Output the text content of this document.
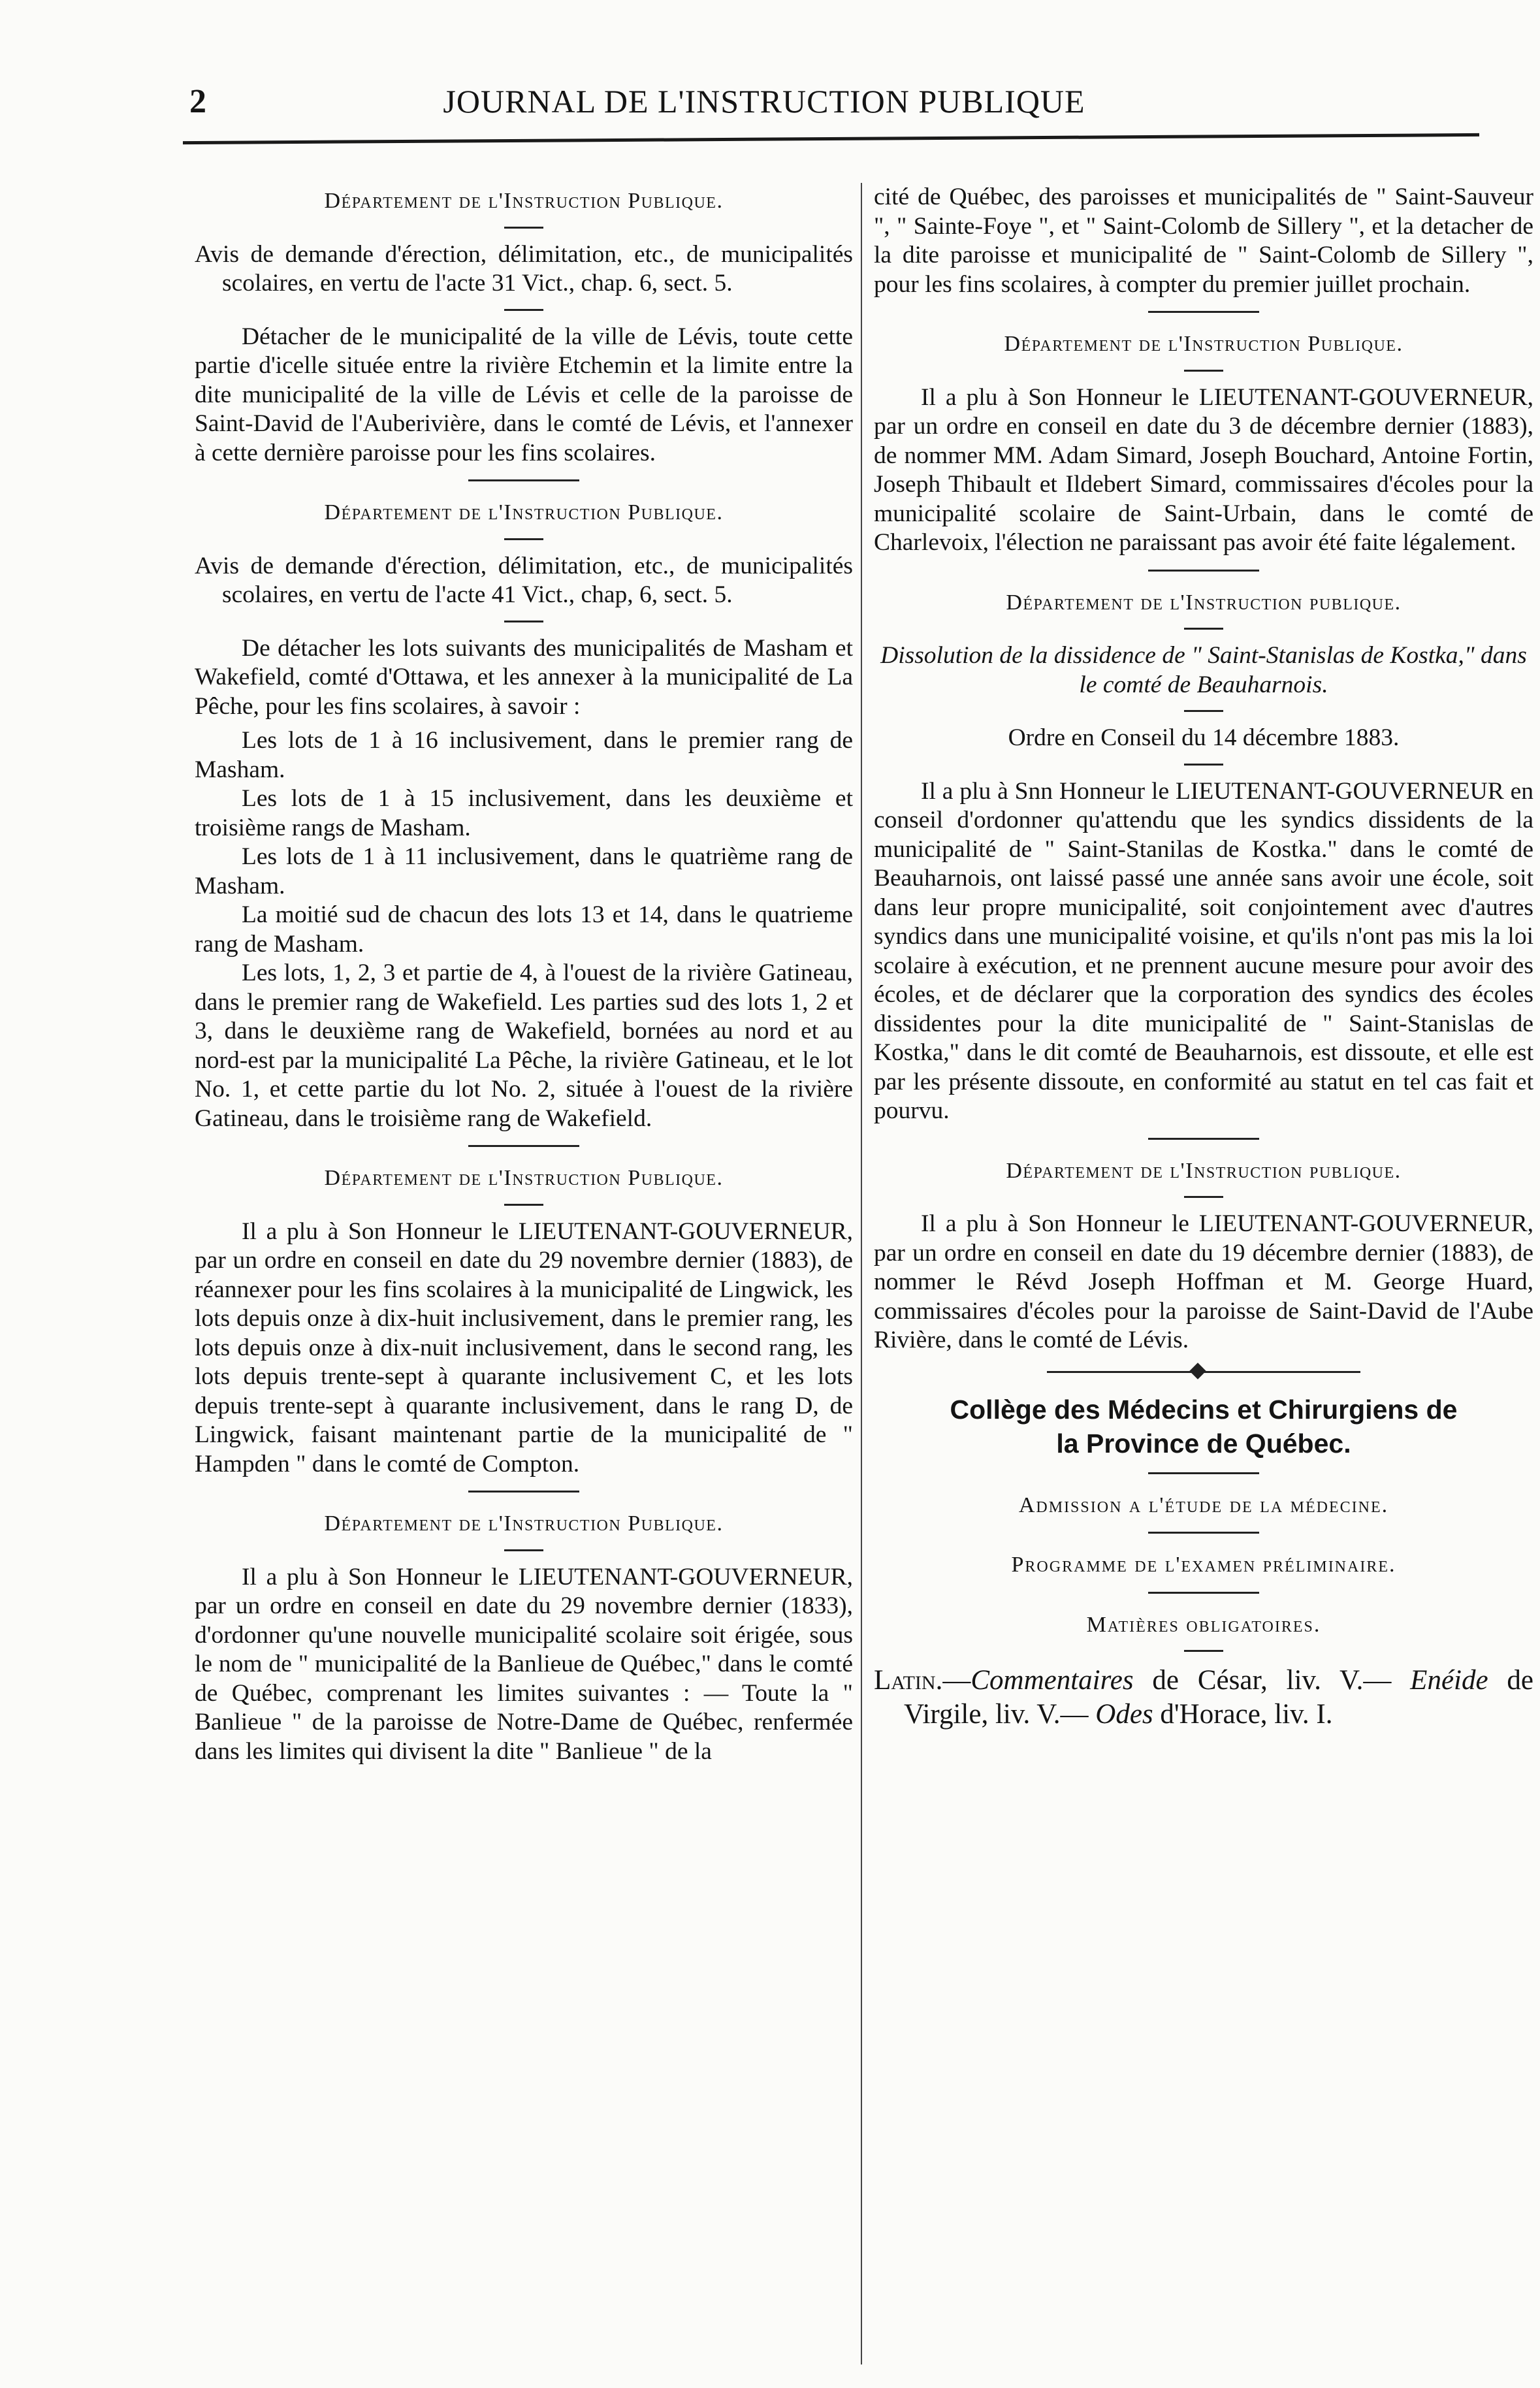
2	JOURNAL DE L'INSTRUCTION PUBLIQUE
Département de l'Instruction Publique.

Avis de demande d'érection, délimitation, etc., de municipalités scolaires, en vertu de l'acte 31 Vict., chap. 6, sect. 5.

Détacher de le municipalité de la ville de Lévis, toute cette partie d'icelle située entre la rivière Etchemin et la limite entre la dite municipalité de la ville de Lévis et celle de la paroisse de Saint-David de l'Auberivière, dans le comté de Lévis, et l'annexer à cette dernière paroisse pour les fins scolaires.

Département de l'Instruction Publique.

Avis de demande d'érection, délimitation, etc., de municipalités scolaires, en vertu de l'acte 41 Vict., chap, 6, sect. 5.

De détacher les lots suivants des municipalités de Masham et Wakefield, comté d'Ottawa, et les annexer à la municipalité de La Pêche, pour les fins scolaires, à savoir :

Les lots de 1 à 16 inclusivement, dans le premier rang de Masham.

Les lots de 1 à 15 inclusivement, dans les deuxième et troisième rangs de Masham.

Les lots de 1 à 11 inclusivement, dans le quatrième rang de Masham.

La moitié sud de chacun des lots 13 et 14, dans le quatrieme rang de Masham.

Les lots, 1, 2, 3 et partie de 4, à l'ouest de la rivière Gatineau, dans le premier rang de Wakefield. Les parties sud des lots 1, 2 et 3, dans le deuxième rang de Wakefield, bornées au nord et au nord-est par la municipalité La Pêche, la rivière Gatineau, et le lot No. 1, et cette partie du lot No. 2, située à l'ouest de la rivière Gatineau, dans le troisième rang de Wakefield.

Département de l'Instruction Publique.

Il a plu à Son Honneur le LIEUTENANT-GOUVERNEUR, par un ordre en conseil en date du 29 novembre dernier (1883), de réannexer pour les fins scolaires à la municipalité de Lingwick, les lots depuis onze à dix-huit inclusivement, dans le premier rang, les lots depuis onze à dix-nuit inclusivement, dans le second rang, les lots depuis trente-sept à quarante inclusivement C, et les lots depuis trente-sept à quarante inclusivement, dans le rang D, de Lingwick, faisant maintenant partie de la municipalité de " Hampden " dans le comté de Compton.

Département de l'Instruction Publique.

Il a plu à Son Honneur le LIEUTENANT-GOUVERNEUR, par un ordre en conseil en date du 29 novembre dernier (1833), d'ordonner qu'une nouvelle municipalité scolaire soit érigée, sous le nom de " municipalité de la Banlieue de Québec," dans le comté de Québec, comprenant les limites suivantes : — Toute la " Banlieue " de la paroisse de Notre-Dame de Québec, renfermée dans les limites qui divisent la dite " Banlieue " de la

cité de Québec, des paroisses et municipalités de " Saint-Sauveur ", " Sainte-Foye ", et " Saint-Colomb de Sillery ", et la detacher de la dite paroisse et municipalité de " Saint-Colomb de Sillery ", pour les fins scolaires, à compter du premier juillet prochain.

Département de l'Instruction Publique.

Il a plu à Son Honneur le LIEUTENANT-GOUVERNEUR, par un ordre en conseil en date du 3 de décembre dernier (1883), de nommer MM. Adam Simard, Joseph Bouchard, Antoine Fortin, Joseph Thibault et Ildebert Simard, commissaires d'écoles pour la municipalité scolaire de Saint-Urbain, dans le comté de Charlevoix, l'élection ne paraissant pas avoir été faite légalement.

Département de l'Instruction publique.

Dissolution de la dissidence de " Saint-Stanislas de Kostka," dans le comté de Beauharnois.

Ordre en Conseil du 14 décembre 1883.

Il a plu à Snn Honneur le LIEUTENANT-GOUVERNEUR en conseil d'ordonner qu'attendu que les syndics dissidents de la municipalité de " Saint-Stanilas de Kostka." dans le comté de Beauharnois, ont laissé passé une année sans avoir une école, soit dans leur propre municipalité, soit conjointement avec d'autres syndics dans une municipalité voisine, et qu'ils n'ont pas mis la loi scolaire à exécution, et ne prennent aucune mesure pour avoir des écoles, et de déclarer que la corporation des syndics des écoles dissidentes pour la dite municipalité de " Saint-Stanislas de Kostka," dans le dit comté de Beauharnois, est dissoute, et elle est par les présente dissoute, en conformité au statut en tel cas fait et pourvu.

Département de l'Instruction publique.

Il a plu à Son Honneur le LIEUTENANT-GOUVERNEUR, par un ordre en conseil en date du 19 décembre dernier (1883), de nommer le Révd Joseph Hoffman et M. George Huard, commissaires d'écoles pour la paroisse de Saint-David de l'Aube Rivière, dans le comté de Lévis.

Collège des Médecins et Chirurgiens de
la Province de Québec.
Admission a l'étude de la médecine.
Programme de l'examen préliminaire.
Matières obligatoires.

Latin.—Commentaires de César, liv. V.— Enéide de Virgile, liv. V.— Odes d'Horace, liv. I.
